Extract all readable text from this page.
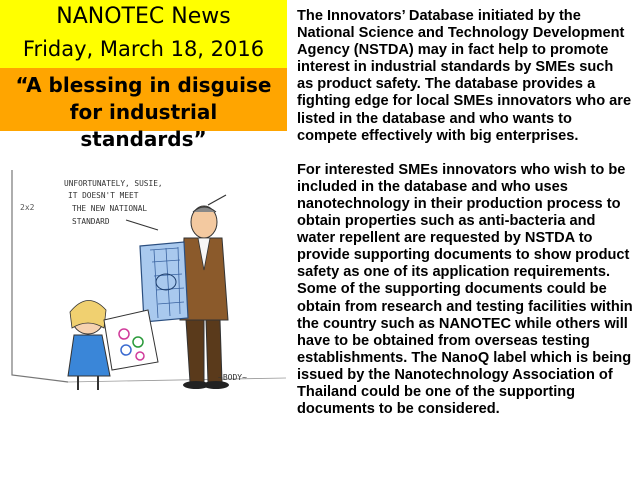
NANOTEC News
Friday, March 18, 2016
“A blessing in disguise for industrial standards”
2x2
UNFORTUNATELY, SUSIE,
IT DOESN'T MEET
THE NEW NATIONAL
STANDARD
~BODY~

The Innovators’ Database initiated by the National Science and Technology Development Agency (NSTDA) may in fact help to promote interest in industrial standards by SMEs such as product safety. The database provides a fighting edge for local SMEs innovators who are listed in the database and who wants to compete effectively with big enterprises.

For interested SMEs innovators who wish to be included in the database and who uses nanotechnology in their production process to obtain properties such as anti-bacteria and water repellent are requested by NSTDA to provide supporting documents to show product safety as one of its application requirements. Some of the supporting documents could be obtain from research and testing facilities within the country such as NANOTEC while others will have to be obtained from overseas testing establishments. The NanoQ label which is being issued by the Nanotechnology Association of Thailand could be one of the supporting documents to be considered.
